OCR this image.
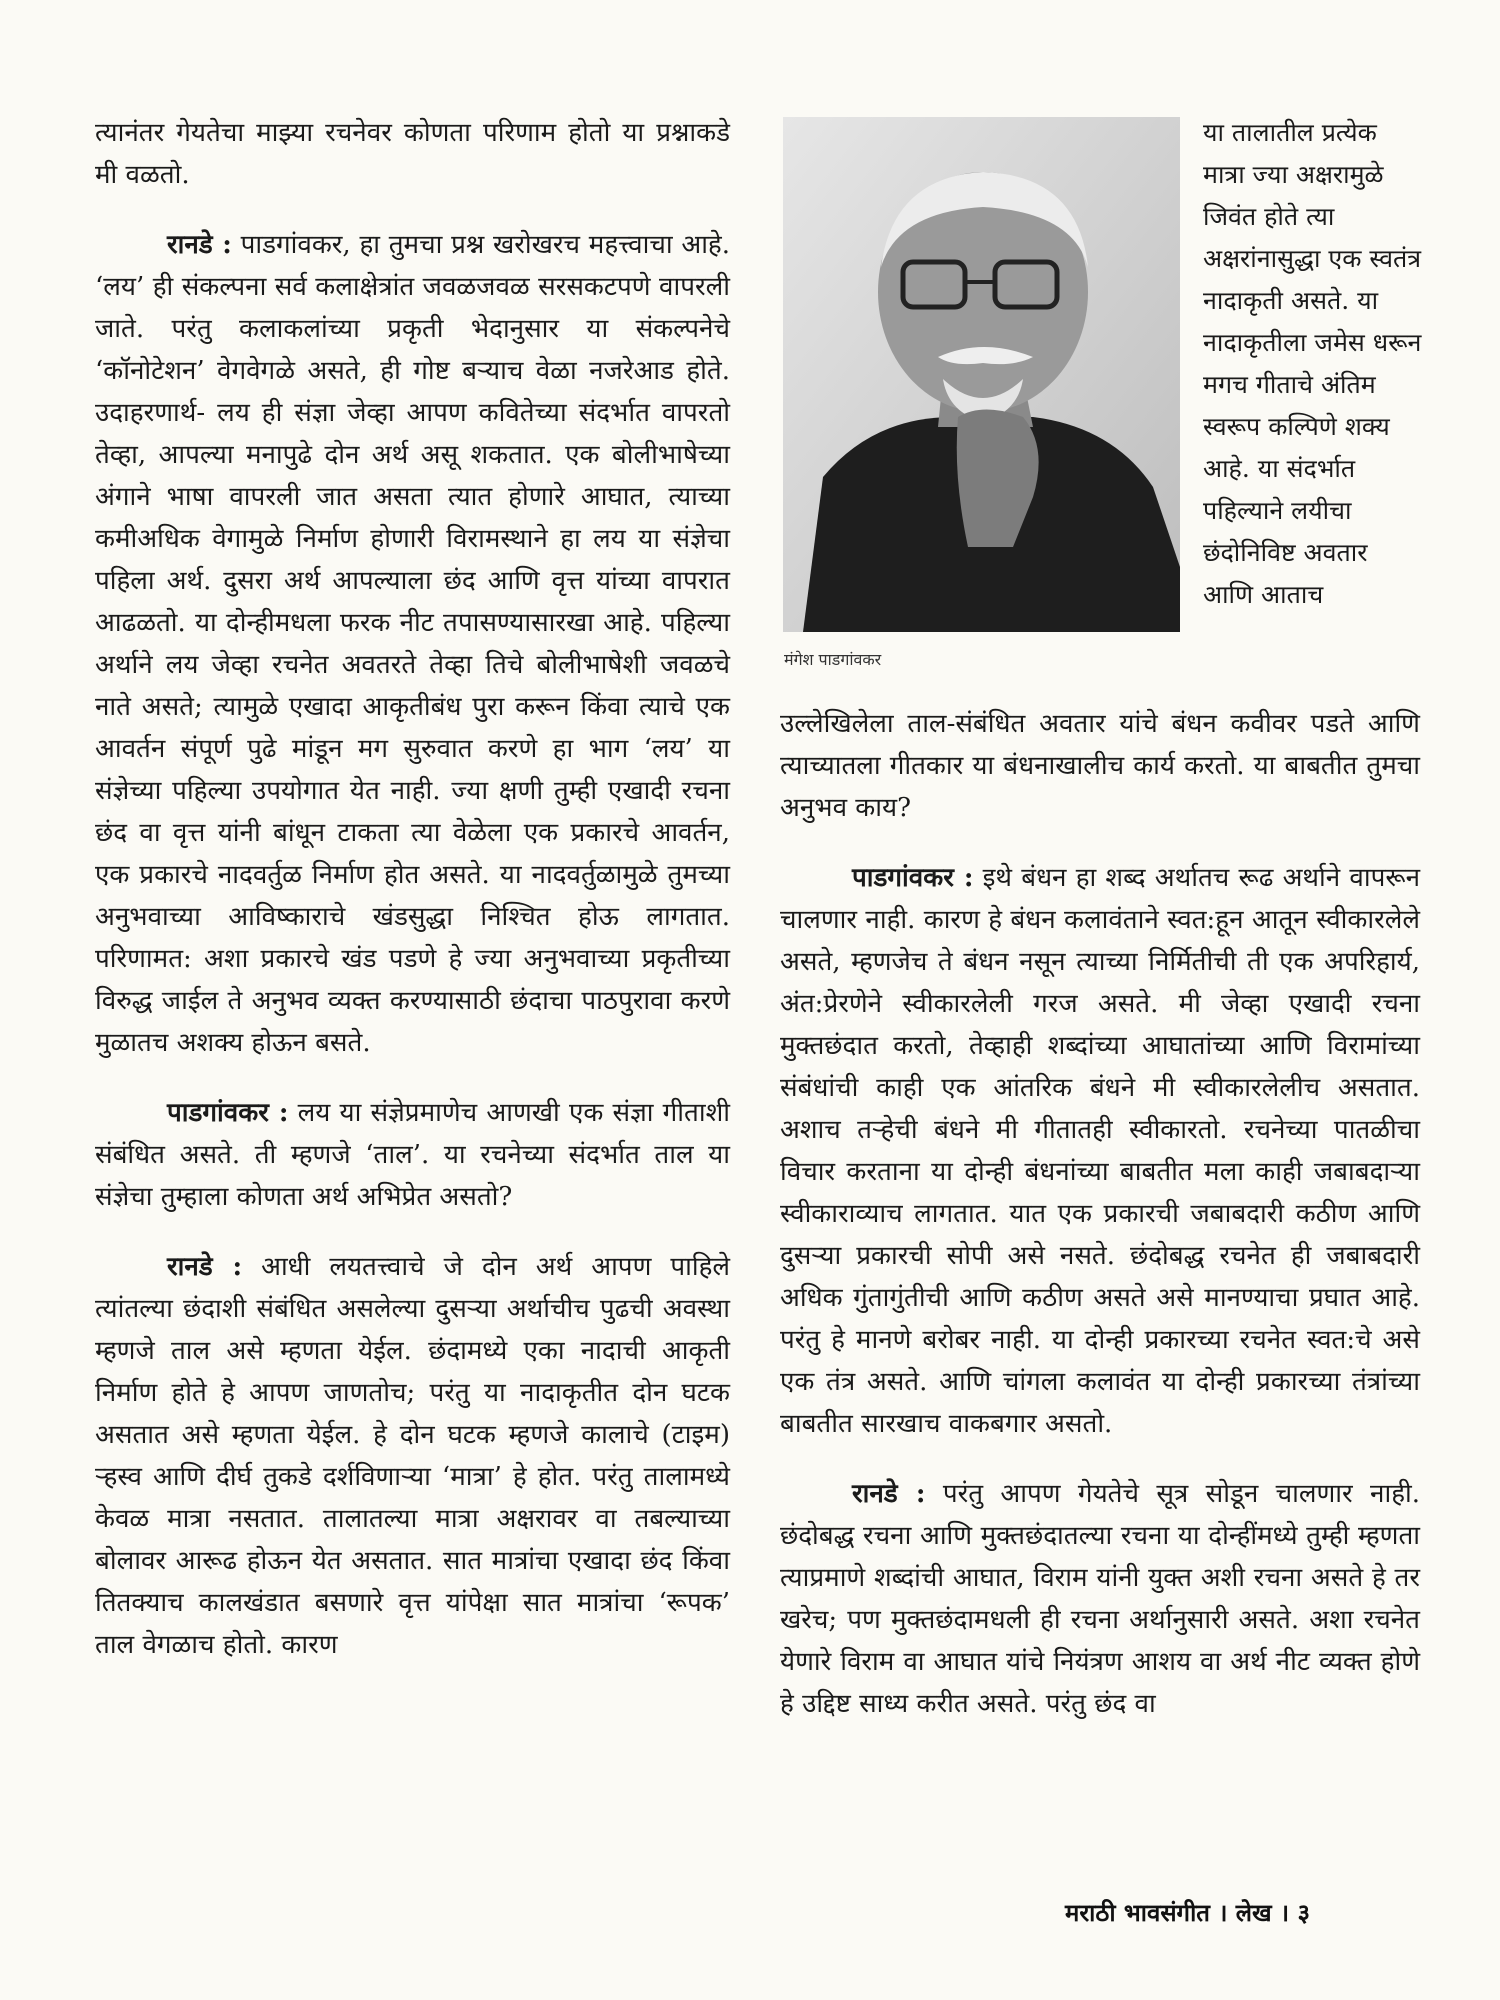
त्यानंतर गेयतेचा माझ्या रचनेवर कोणता परिणाम होतो या प्रश्नाकडे मी वळतो.

रानडे : पाडगांवकर, हा तुमचा प्रश्न खरोखरच महत्त्वाचा आहे. ‘लय’ ही संकल्पना सर्व कलाक्षेत्रांत जवळजवळ सरसकटपणे वापरली जाते. परंतु कलाकलांच्या प्रकृती भेदानुसार या संकल्पनेचे ‘कॉनोटेशन’ वेगवेगळे असते, ही गोष्ट बऱ्याच वेळा नजरेआड होते. उदाहरणार्थ- लय ही संज्ञा जेव्हा आपण कवितेच्या संदर्भात वापरतो तेव्हा, आपल्या मनापुढे दोन अर्थ असू शकतात. एक बोलीभाषेच्या अंगाने भाषा वापरली जात असता त्यात होणारे आघात, त्याच्या कमीअधिक वेगामुळे निर्माण होणारी विरामस्थाने हा लय या संज्ञेचा पहिला अर्थ. दुसरा अर्थ आपल्याला छंद आणि वृत्त यांच्या वापरात आढळतो. या दोन्हीमधला फरक नीट तपासण्यासारखा आहे. पहिल्या अर्थाने लय जेव्हा रचनेत अवतरते तेव्हा तिचे बोलीभाषेशी जवळचे नाते असते; त्यामुळे एखादा आकृतीबंध पुरा करून किंवा त्याचे एक आवर्तन संपूर्ण पुढे मांडून मग सुरुवात करणे हा भाग ‘लय’ या संज्ञेच्या पहिल्या उपयोगात येत नाही. ज्या क्षणी तुम्ही एखादी रचना छंद वा वृत्त यांनी बांधून टाकता त्या वेळेला एक प्रकारचे आवर्तन, एक प्रकारचे नादवर्तुळ निर्माण होत असते. या नादवर्तुळामुळे तुमच्या अनुभवाच्या आविष्काराचे खंडसुद्धा निश्चित होऊ लागतात. परिणामत: अशा प्रकारचे खंड पडणे हे ज्या अनुभवाच्या प्रकृतीच्या विरुद्ध जाईल ते अनुभव व्यक्त करण्यासाठी छंदाचा पाठपुरावा करणे मुळातच अशक्य होऊन बसते.

पाडगांवकर : लय या संज्ञेप्रमाणेच आणखी एक संज्ञा गीताशी संबंधित असते. ती म्हणजे ‘ताल’. या रचनेच्या संदर्भात ताल या संज्ञेचा तुम्हाला कोणता अर्थ अभिप्रेत असतो?

रानडे : आधी लयतत्त्वाचे जे दोन अर्थ आपण पाहिले त्यांतल्या छंदाशी संबंधित असलेल्या दुसऱ्या अर्थाचीच पुढची अवस्था म्हणजे ताल असे म्हणता येईल. छंदामध्ये एका नादाची आकृती निर्माण होते हे आपण जाणतोच; परंतु या नादाकृतीत दोन घटक असतात असे म्हणता येईल. हे दोन घटक म्हणजे कालाचे (टाइम) ऱ्हस्व आणि दीर्घ तुकडे दर्शविणाऱ्या ‘मात्रा’ हे होत. परंतु तालामध्ये केवळ मात्रा नसतात. तालातल्या मात्रा अक्षरावर वा तबल्याच्या बोलावर आरूढ होऊन येत असतात. सात मात्रांचा एखादा छंद किंवा तितक्याच कालखंडात बसणारे वृत्त यांपेक्षा सात मात्रांचा ‘रूपक’ ताल वेगळाच होतो. कारण

मंगेश पाडगांवकर

या तालातील प्रत्येक मात्रा ज्या अक्षरामुळे जिवंत होते त्या अक्षरांनासुद्धा एक स्वतंत्र नादाकृती असते. या नादाकृतीला जमेस धरून मगच गीताचे अंतिम स्वरूप कल्पिणे शक्य आहे. या संदर्भात पहिल्याने लयीचा छंदोनिविष्ट अवतार आणि आताच

उल्लेखिलेला ताल-संबंधित अवतार यांचे बंधन कवीवर पडते आणि त्याच्यातला गीतकार या बंधनाखालीच कार्य करतो. या बाबतीत तुमचा अनुभव काय?

पाडगांवकर : इथे बंधन हा शब्द अर्थातच रूढ अर्थाने वापरून चालणार नाही. कारण हे बंधन कलावंताने स्वत:हून आतून स्वीकारलेले असते, म्हणजेच ते बंधन नसून त्याच्या निर्मितीची ती एक अपरिहार्य, अंत:प्रेरणेने स्वीकारलेली गरज असते. मी जेव्हा एखादी रचना मुक्तछंदात करतो, तेव्हाही शब्दांच्या आघातांच्या आणि विरामांच्या संबंधांची काही एक आंतरिक बंधने मी स्वीकारलेलीच असतात. अशाच तऱ्हेची बंधने मी गीतातही स्वीकारतो. रचनेच्या पातळीचा विचार करताना या दोन्ही बंधनांच्या बाबतीत मला काही जबाबदाऱ्या स्वीकाराव्याच लागतात. यात एक प्रकारची जबाबदारी कठीण आणि दुसऱ्या प्रकारची सोपी असे नसते. छंदोबद्ध रचनेत ही जबाबदारी अधिक गुंतागुंतीची आणि कठीण असते असे मानण्याचा प्रघात आहे. परंतु हे मानणे बरोबर नाही. या दोन्ही प्रकारच्या रचनेत स्वत:चे असे एक तंत्र असते. आणि चांगला कलावंत या दोन्ही प्रकारच्या तंत्रांच्या बाबतीत सारखाच वाकबगार असतो.

रानडे : परंतु आपण गेयतेचे सूत्र सोडून चालणार नाही. छंदोबद्ध रचना आणि मुक्तछंदातल्या रचना या दोन्हींमध्ये तुम्ही म्हणता त्याप्रमाणे शब्दांची आघात, विराम यांनी युक्त अशी रचना असते हे तर खरेच; पण मुक्तछंदामधली ही रचना अर्थानुसारी असते. अशा रचनेत येणारे विराम वा आघात यांचे नियंत्रण आशय वा अर्थ नीट व्यक्त होणे हे उद्दिष्ट साध्य करीत असते. परंतु छंद वा

मराठी भावसंगीत । लेख । ३
